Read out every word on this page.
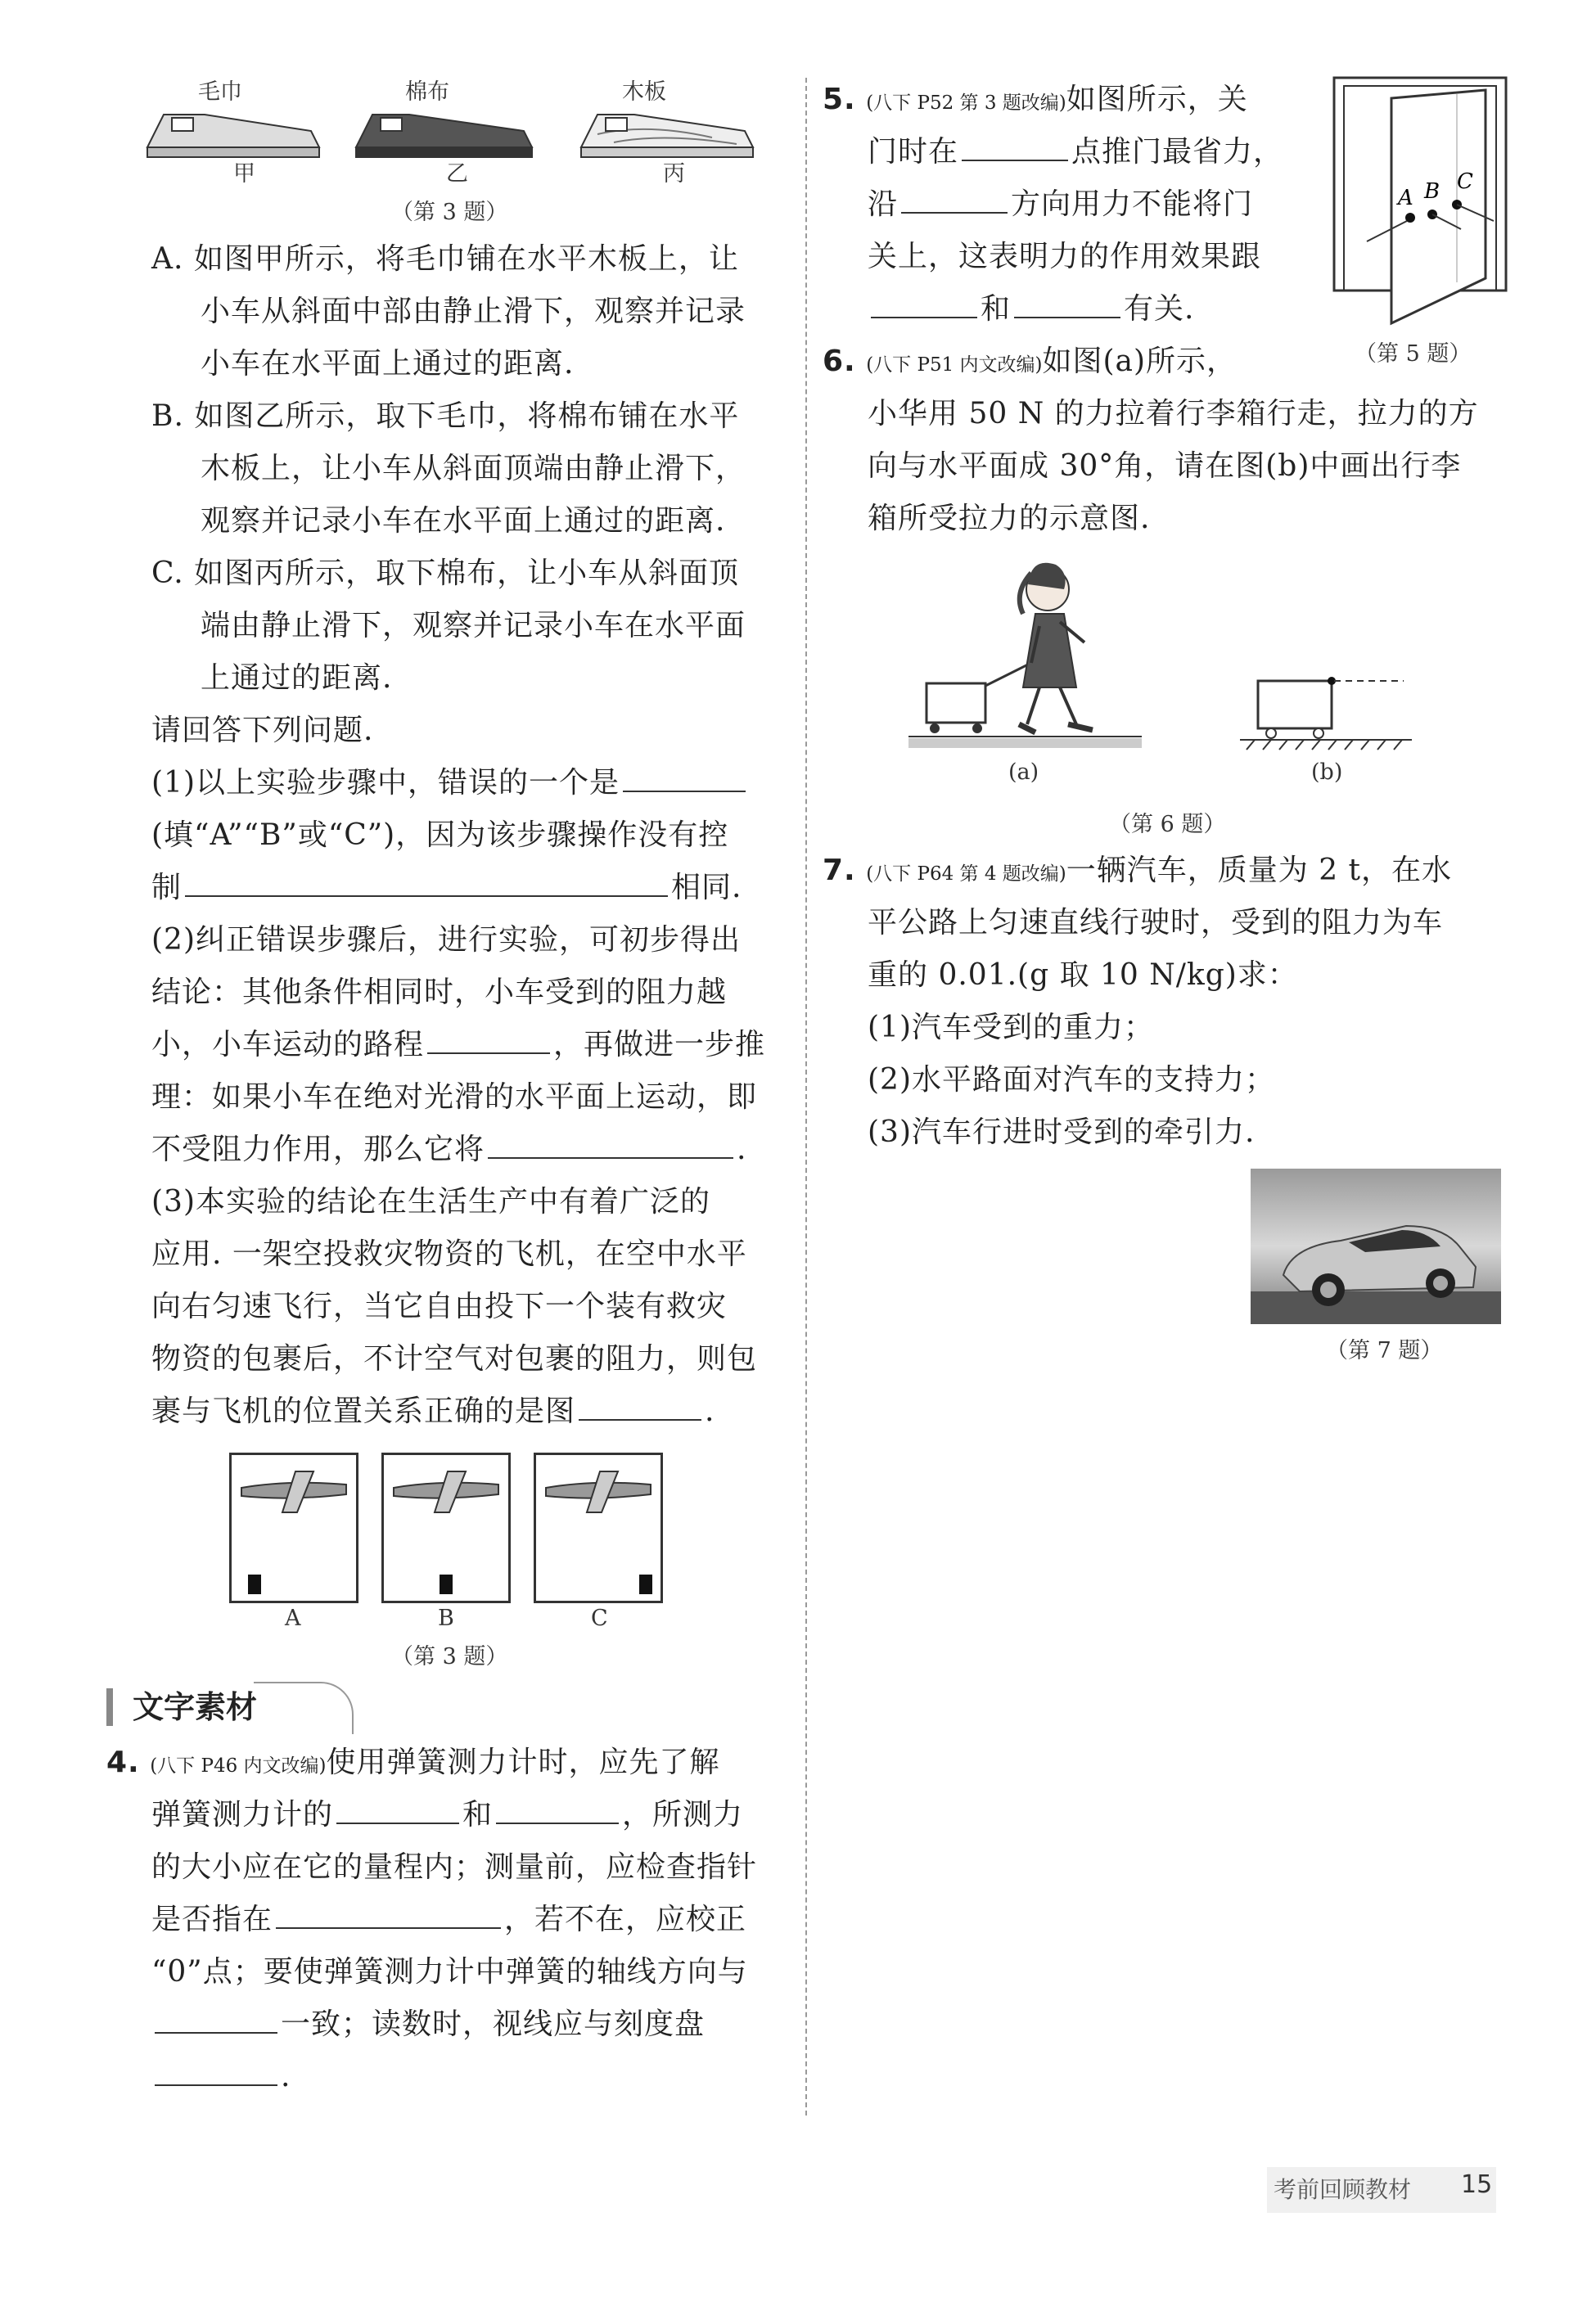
毛巾	棉布	木板
甲	乙	丙
（第 3 题）
A. 如图甲所示，将毛巾铺在水平木板上，让
小车从斜面中部由静止滑下，观察并记录
小车在水平面上通过的距离.
B. 如图乙所示，取下毛巾，将棉布铺在水平
木板上，让小车从斜面顶端由静止滑下，
观察并记录小车在水平面上通过的距离.
C. 如图丙所示，取下棉布，让小车从斜面顶
端由静止滑下，观察并记录小车在水平面
上通过的距离.
请回答下列问题.
(1)以上实验步骤中，错误的一个是
(填“A”“B”或“C”)，因为该步骤操作没有控
制	相同.
(2)纠正错误步骤后，进行实验，可初步得出
结论：其他条件相同时，小车受到的阻力越
小，小车运动的路程	，再做进一步推
理：如果小车在绝对光滑的水平面上运动，即
不受阻力作用，那么它将	.
(3)本实验的结论在生活生产中有着广泛的
应用. 一架空投救灾物资的飞机，在空中水平
向右匀速飞行，当它自由投下一个装有救灾
物资的包裹后，不计空气对包裹的阻力，则包
裹与飞机的位置关系正确的是图	.
A	B	C
（第 3 题）
文字素材
4. (八下 P46 内文改编)使用弹簧测力计时，应先了解
弹簧测力计的	和	，所测力
的大小应在它的量程内；测量前，应检查指针
是否指在	，若不在，应校正
“0”点；要使弹簧测力计中弹簧的轴线方向与
一致；读数时，视线应与刻度盘
.
5. (八下 P52 第 3 题改编)如图所示，关
门时在	点推门最省力，
沿	方向用力不能将门
关上，这表明力的作用效果跟
和	有关.
A B C
（第 5 题）
6. (八下 P51 内文改编)如图(a)所示，
小华用 50 N 的力拉着行李箱行走，拉力的方
向与水平面成 30°角，请在图(b)中画出行李
箱所受拉力的示意图.
(a)	(b)
（第 6 题）
7. (八下 P64 第 4 题改编)一辆汽车，质量为 2 t，在水
平公路上匀速直线行驶时，受到的阻力为车
重的 0.01.(g 取 10 N/kg)求：
(1)汽车受到的重力；
(2)水平路面对汽车的支持力；
(3)汽车行进时受到的牵引力.
（第 7 题）
考前回顾教材 15
